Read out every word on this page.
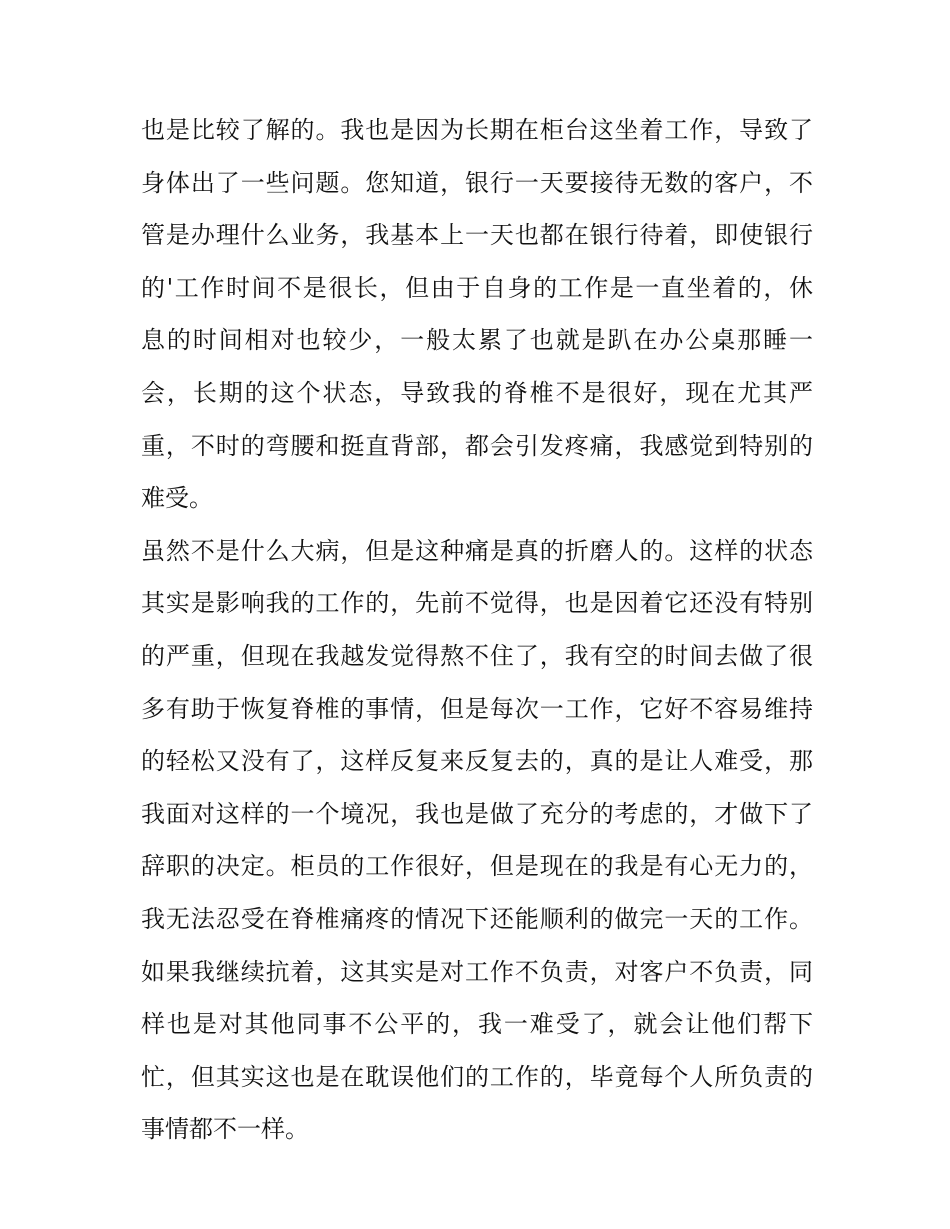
也是比较了解的。我也是因为长期在柜台这坐着工作，导致了
身体出了一些问题。您知道，银行一天要接待无数的客户，不
管是办理什么业务，我基本上一天也都在银行待着，即使银行
的'工作时间不是很长，但由于自身的工作是一直坐着的，休
息的时间相对也较少，一般太累了也就是趴在办公桌那睡一
会，长期的这个状态，导致我的脊椎不是很好，现在尤其严
重，不时的弯腰和挺直背部，都会引发疼痛，我感觉到特别的
难受。
虽然不是什么大病，但是这种痛是真的折磨人的。这样的状态
其实是影响我的工作的，先前不觉得，也是因着它还没有特别
的严重，但现在我越发觉得熬不住了，我有空的时间去做了很
多有助于恢复脊椎的事情，但是每次一工作，它好不容易维持
的轻松又没有了，这样反复来反复去的，真的是让人难受，那
我面对这样的一个境况，我也是做了充分的考虑的，才做下了
辞职的决定。柜员的工作很好，但是现在的我是有心无力的，
我无法忍受在脊椎痛疼的情况下还能顺利的做完一天的工作。
如果我继续抗着，这其实是对工作不负责，对客户不负责，同
样也是对其他同事不公平的，我一难受了，就会让他们帮下
忙，但其实这也是在耽误他们的工作的，毕竟每个人所负责的
事情都不一样。
